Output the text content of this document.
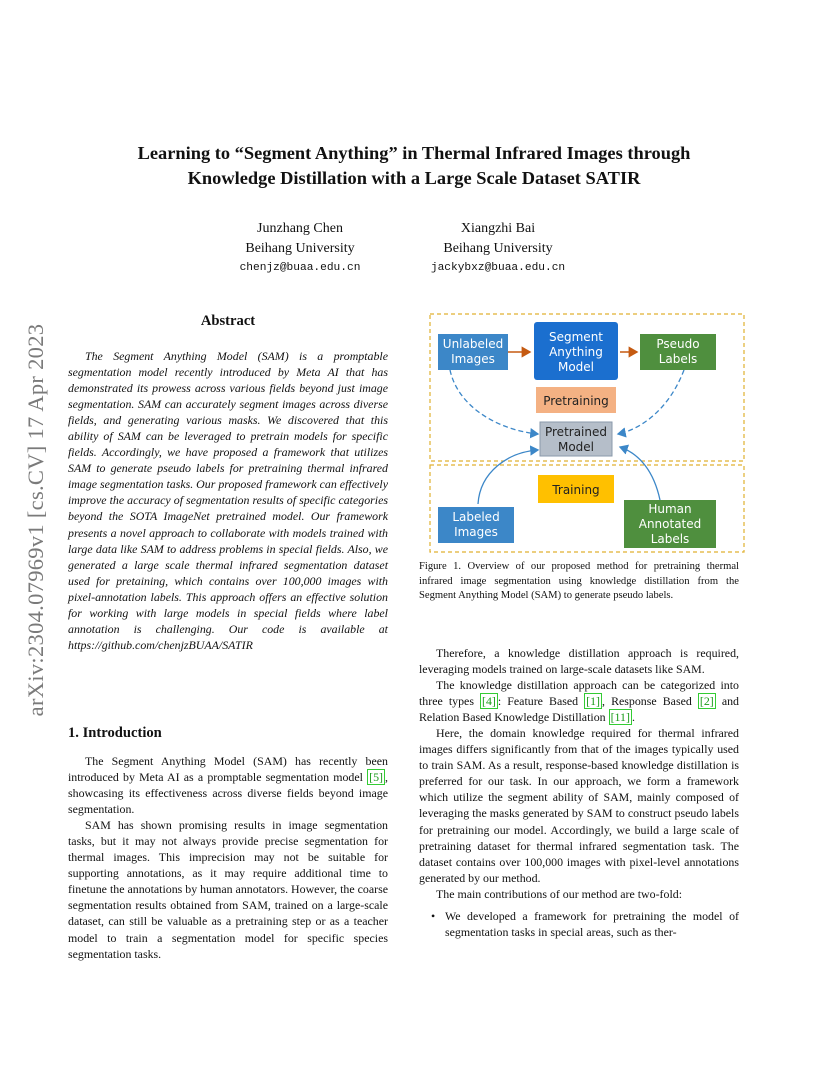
arXiv:2304.07969v1 [cs.CV] 17 Apr 2023
Learning to “Segment Anything” in Thermal Infrared Images through
Knowledge Distillation with a Large Scale Dataset SATIR
Junzhang Chen
Beihang University
chenjz@buaa.edu.cn
Xiangzhi Bai
Beihang University
jackybxz@buaa.edu.cn
Abstract
The Segment Anything Model (SAM) is a promptable segmentation model recently introduced by Meta AI that has demonstrated its prowess across various fields beyond just image segmentation. SAM can accurately segment images across diverse fields, and generating various masks. We discovered that this ability of SAM can be leveraged to pretrain models for specific fields. Accordingly, we have proposed a framework that utilizes SAM to generate pseudo labels for pretraining thermal infrared image segmentation tasks. Our proposed framework can effectively improve the accuracy of segmentation results of specific categories beyond the SOTA ImageNet pretrained model. Our framework presents a novel approach to collaborate with models trained with large data like SAM to address problems in special fields. Also, we generated a large scale thermal infrared segmentation dataset used for pretaining, which contains over 100,000 images with pixel-annotation labels. This approach offers an effective solution for working with large models in special fields where label annotation is challenging. Our code is available at https://github.com/chenjzBUAA/SATIR
1. Introduction

The Segment Anything Model (SAM) has recently been introduced by Meta AI as a promptable segmentation model [5] , showcasing its effectiveness across diverse fields beyond image segmentation.

SAM has shown promising results in image segmentation tasks, but it may not always provide precise segmentation for thermal images. This imprecision may not be suitable for supporting annotations, as it may require additional time to finetune the annotations by human annotators. However, the coarse segmentation results obtained from SAM, trained on a large-scale dataset, can still be valuable as a pretraining step or as a teacher model to train a segmentation model for specific species segmentation tasks.

Unlabeled
Images
Segment
Anything
Model
Pseudo
Labels
Pretraining
Pretrained
Model
Training
Labeled
Images
Human
Annotated
Labels
Figure 1. Overview of our proposed method for pretraining thermal infrared image segmentation using knowledge distillation from the Segment Anything Model (SAM) to generate pseudo labels.

Therefore, a knowledge distillation approach is required, leveraging models trained on large-scale datasets like SAM.

The knowledge distillation approach can be categorized into three types [4] : Feature Based [1] , Response Based [2] and Relation Based Knowledge Distillation [11] .

Here, the domain knowledge required for thermal infrared images differs significantly from that of the images typically used to train SAM. As a result, response-based knowledge distillation is preferred for our task. In our approach, we form a framework which utilize the segment ability of SAM, mainly composed of leveraging the masks generated by SAM to construct pseudo labels for pretraining our model. Accordingly, we build a large scale of pretraining dataset for thermal infrared segmentation task. The dataset contains over 100,000 images with pixel-level annotations generated by our method.

The main contributions of our method are two-fold:

• We developed a framework for pretraining the model of segmentation tasks in special areas, such as ther-
